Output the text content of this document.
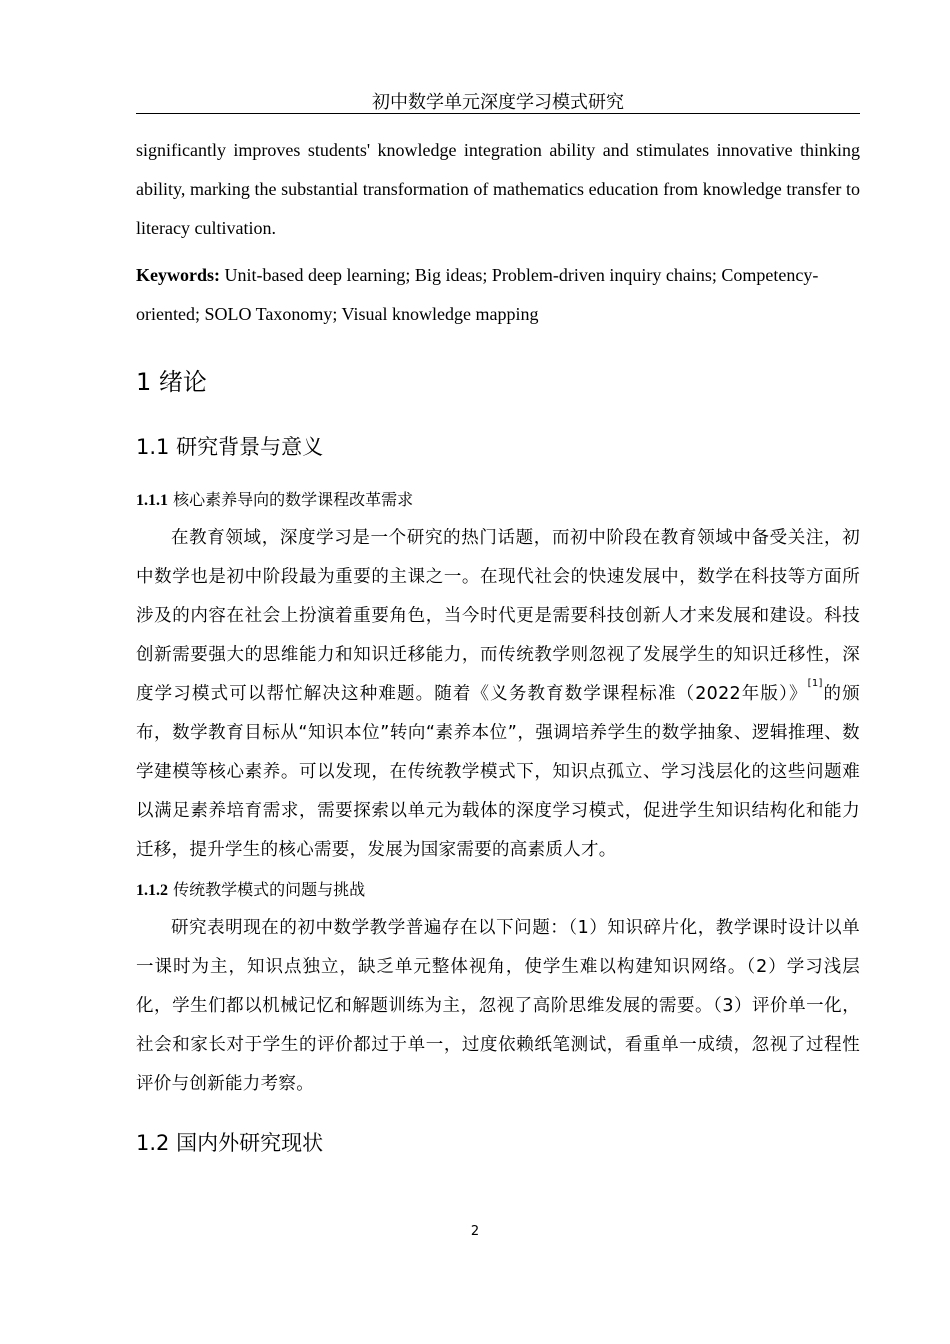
初中数学单元深度学习模式研究

significantly improves students' knowledge integration ability and stimulates innovative thinking ability, marking the substantial transformation of mathematics education from knowledge transfer to literacy cultivation.

Keywords: Unit-based deep learning; Big ideas; Problem-driven inquiry chains; Competency-oriented; SOLO Taxonomy; Visual knowledge mapping

1 绪论
1.1 研究背景与意义
1.1.1 核心素养导向的数学课程改革需求

在教育领域，深度学习是一个研究的热门话题，而初中阶段在教育领域中备受关注，初中数学也是初中阶段最为重要的主课之一。在现代社会的快速发展中，数学在科技等方面所涉及的内容在社会上扮演着重要角色，当今时代更是需要科技创新人才来发展和建设。科技创新需要强大的思维能力和知识迁移能力，而传统教学则忽视了发展学生的知识迁移性，深度学习模式可以帮忙解决这种难题。随着《义务教育数学课程标准（2022年版）》[1]的颁布，数学教育目标从“知识本位”转向“素养本位”，强调培养学生的数学抽象、逻辑推理、数学建模等核心素养。可以发现，在传统教学模式下，知识点孤立、学习浅层化的这些问题难以满足素养培育需求，需要探索以单元为载体的深度学习模式，促进学生知识结构化和能力迁移，提升学生的核心需要，发展为国家需要的高素质人才。

1.1.2 传统教学模式的问题与挑战

研究表明现在的初中数学教学普遍存在以下问题：（1）知识碎片化，教学课时设计以单一课时为主，知识点独立，缺乏单元整体视角，使学生难以构建知识网络。（2）学习浅层化，学生们都以机械记忆和解题训练为主，忽视了高阶思维发展的需要。（3）评价单一化，社会和家长对于学生的评价都过于单一，过度依赖纸笔测试，看重单一成绩，忽视了过程性评价与创新能力考察。

1.2 国内外研究现状
2
